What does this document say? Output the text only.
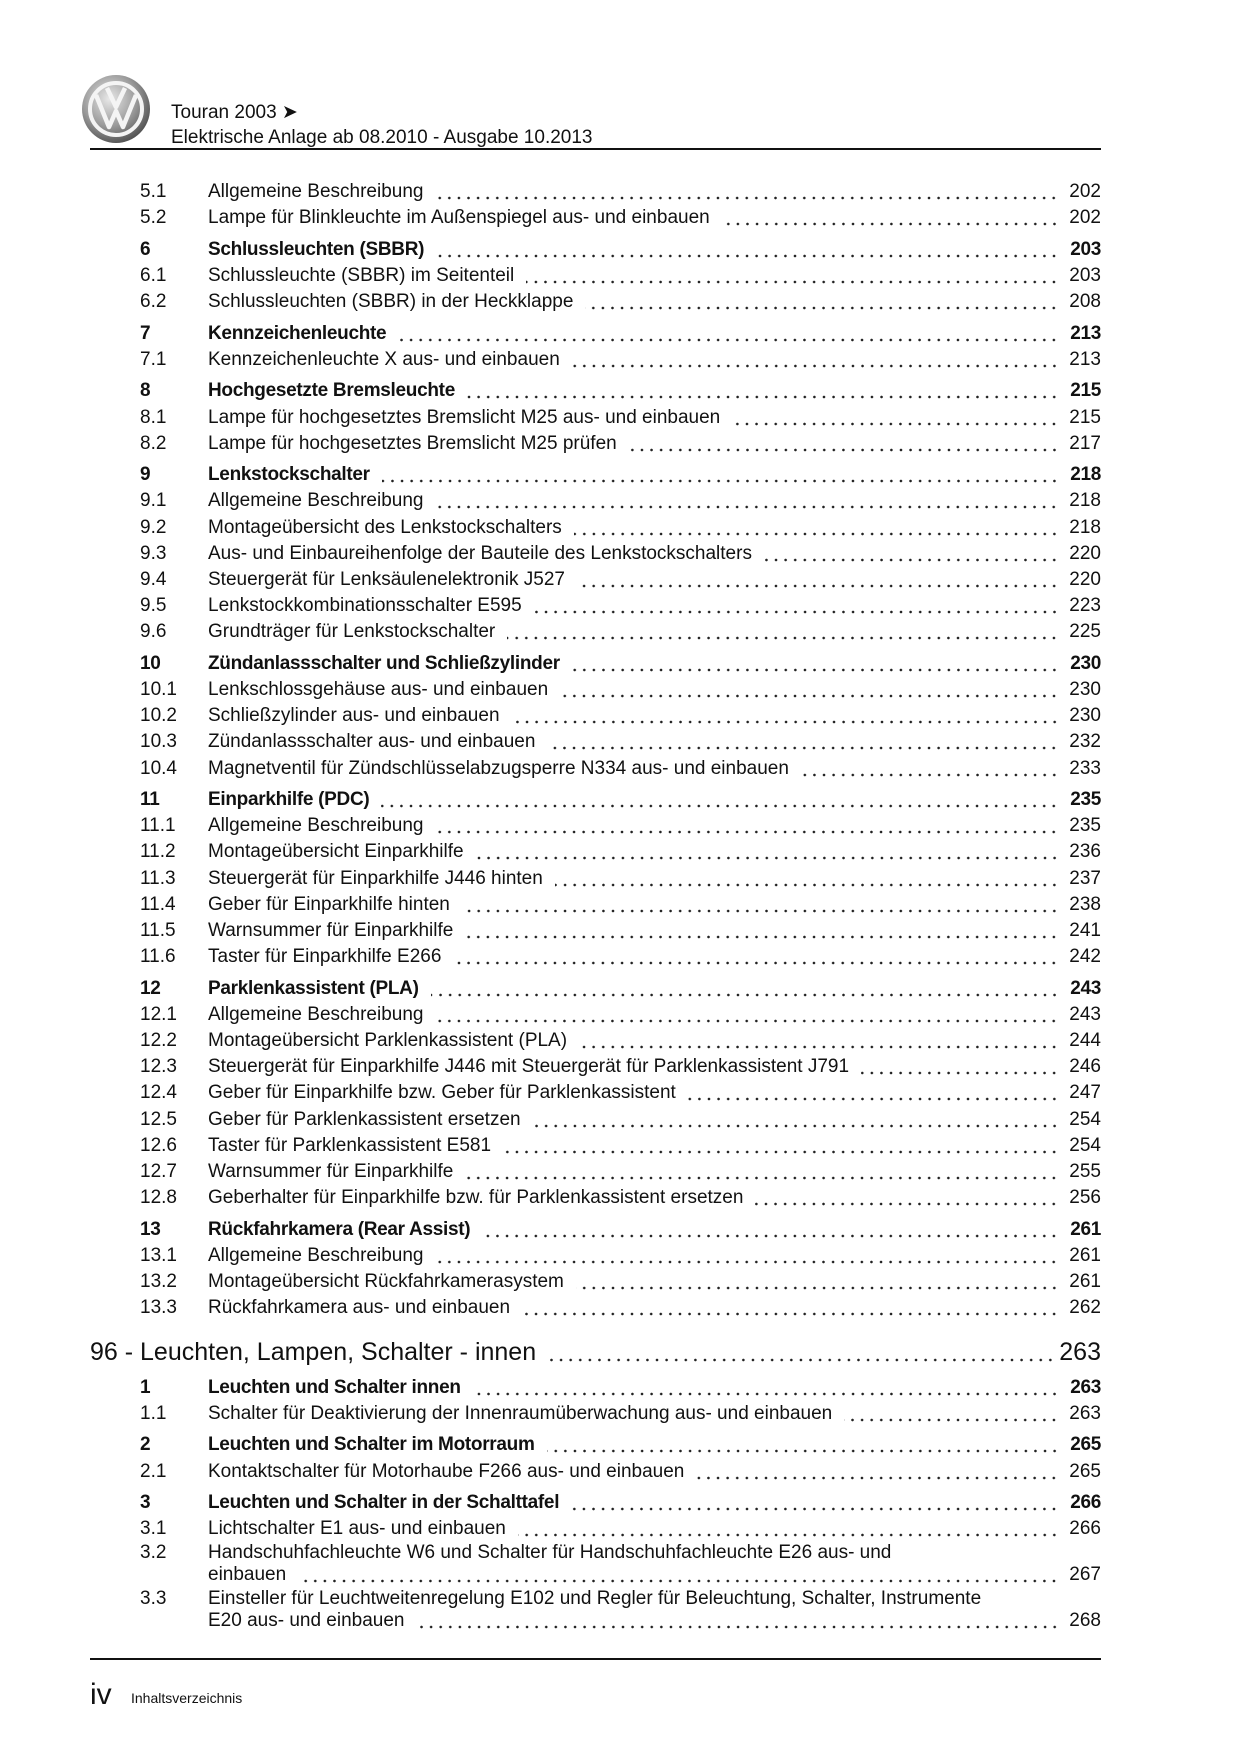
Touran 2003 ➤
Elektrische Anlage ab 08.2010 - Ausgabe 10.2013
5.1	Allgemeine Beschreibung	202
5.2	Lampe für Blinkleuchte im Außenspiegel aus- und einbauen	202
6	Schlussleuchten (SBBR)	203
6.1	Schlussleuchte (SBBR) im Seitenteil	203
6.2	Schlussleuchten (SBBR) in der Heckklappe	208
7	Kennzeichenleuchte	213
7.1	Kennzeichenleuchte X aus- und einbauen	213
8	Hochgesetzte Bremsleuchte	215
8.1	Lampe für hochgesetztes Bremslicht M25 aus- und einbauen	215
8.2	Lampe für hochgesetztes Bremslicht M25 prüfen	217
9	Lenkstockschalter	218
9.1	Allgemeine Beschreibung	218
9.2	Montageübersicht des Lenkstockschalters	218
9.3	Aus- und Einbaureihenfolge der Bauteile des Lenkstockschalters	220
9.4	Steuergerät für Lenksäulenelektronik J527	220
9.5	Lenkstockkombinationsschalter E595	223
9.6	Grundträger für Lenkstockschalter	225
10	Zündanlassschalter und Schließzylinder	230
10.1	Lenkschlossgehäuse aus- und einbauen	230
10.2	Schließzylinder aus- und einbauen	230
10.3	Zündanlassschalter aus- und einbauen	232
10.4	Magnetventil für Zündschlüsselabzugsperre N334 aus- und einbauen	233
11	Einparkhilfe (PDC)	235
11.1	Allgemeine Beschreibung	235
11.2	Montageübersicht Einparkhilfe	236
11.3	Steuergerät für Einparkhilfe J446 hinten	237
11.4	Geber für Einparkhilfe hinten	238
11.5	Warnsummer für Einparkhilfe	241
11.6	Taster für Einparkhilfe E266	242
12	Parklenkassistent (PLA)	243
12.1	Allgemeine Beschreibung	243
12.2	Montageübersicht Parklenkassistent (PLA)	244
12.3	Steuergerät für Einparkhilfe J446 mit Steuergerät für Parklenkassistent J791	246
12.4	Geber für Einparkhilfe bzw. Geber für Parklenkassistent	247
12.5	Geber für Parklenkassistent ersetzen	254
12.6	Taster für Parklenkassistent E581	254
12.7	Warnsummer für Einparkhilfe	255
12.8	Geberhalter für Einparkhilfe bzw. für Parklenkassistent ersetzen	256
13	Rückfahrkamera (Rear Assist)	261
13.1	Allgemeine Beschreibung	261
13.2	Montageübersicht Rückfahrkamerasystem	261
13.3	Rückfahrkamera aus- und einbauen	262
96 - Leuchten, Lampen, Schalter - innen	263
1	Leuchten und Schalter innen	263
1.1	Schalter für Deaktivierung der Innenraumüberwachung aus- und einbauen	263
2	Leuchten und Schalter im Motorraum	265
2.1	Kontaktschalter für Motorhaube F266 aus- und einbauen	265
3	Leuchten und Schalter in der Schalttafel	266
3.1	Lichtschalter E1 aus- und einbauen	266
3.2	Handschuhfachleuchte W6 und Schalter für Handschuhfachleuchte E26 aus- und
einbauen	267
3.3	Einsteller für Leuchtweitenregelung E102 und Regler für Beleuchtung, Schalter, Instrumente
E20 aus- und einbauen	268
iv Inhaltsverzeichnis
